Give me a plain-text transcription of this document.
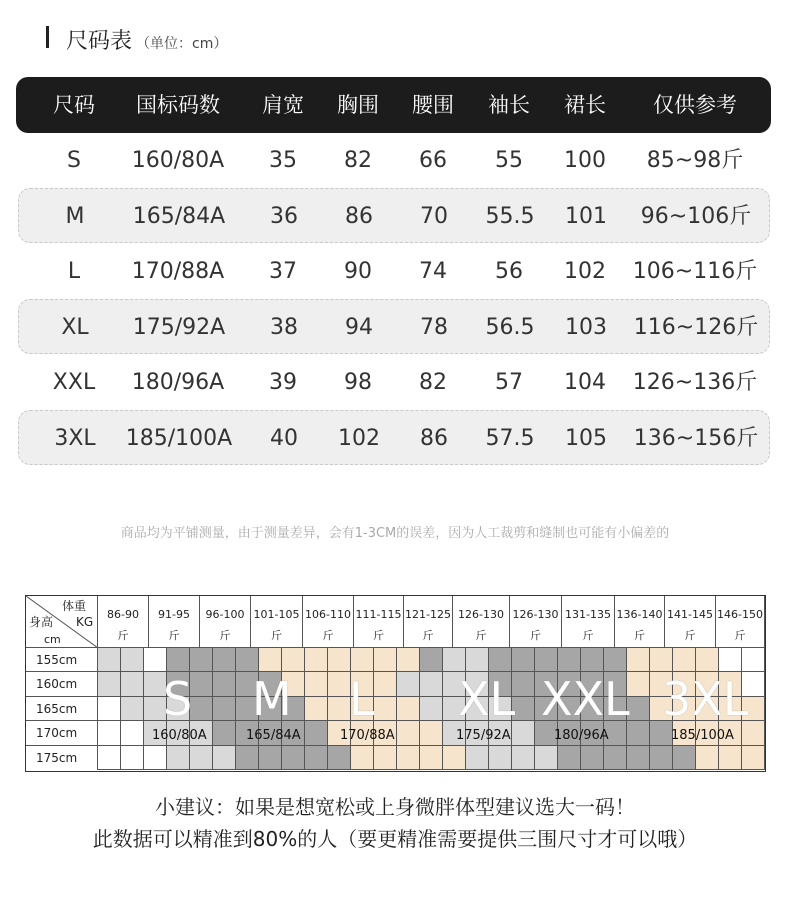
尺码表 （单位：cm）
尺码 国标码数 肩宽 胸围 腰围 袖长 裙长 仅供参考
S 160/80A 35 82 66 55 100 85~98斤
M 165/84A 36 86 70 55.5 101 96~106斤
L 170/88A 37 90 74 56 102 106~116斤
XL 175/92A 38 94 78 56.5 103 116~126斤
XXL 180/96A 39 98 82 57 104 126~136斤
3XL 185/100A 40 102 86 57.5 105 136~156斤
商品均为平铺测量，由于测量差异，会有1-3CM的误差，因为人工裁剪和缝制也可能有小偏差的
体重
KG
身高
cm
86-90
斤
91-95
斤
96-100
斤
101-105
斤
106-110
斤
111-115
斤
121-125
斤
126-130
斤
126-130
斤
131-135
斤
136-140
斤
141-145
斤
146-150
斤
155cm
160cm
165cm
170cm
175cm
S
160/80A
M
165/84A
L
170/88A
XL
175/92A
XXL
180/96A
3XL
185/100A
小建议：如果是想宽松或上身微胖体型建议选大一码！
此数据可以精准到80%的人（要更精准需要提供三围尺寸才可以哦）
